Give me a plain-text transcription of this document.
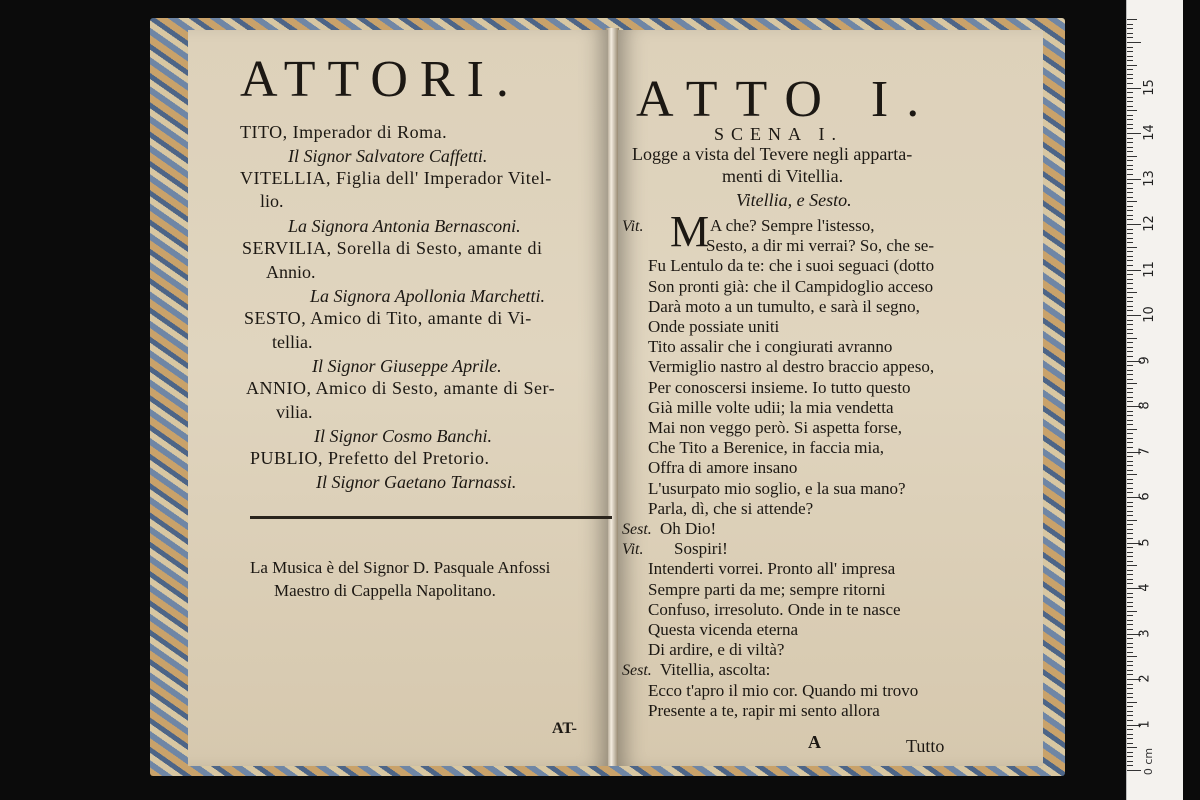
ATTORI.
TITO, Imperador di Roma.
Il Signor Salvatore Caffetti.
VITELLIA, Figlia dell' Imperador Vitel-
lio.
La Signora Antonia Bernasconi.
SERVILIA, Sorella di Sesto, amante di
Annio.
La Signora Apollonia Marchetti.
SESTO, Amico di Tito, amante di Vi-
tellia.
Il Signor Giuseppe Aprile.
ANNIO, Amico di Sesto, amante di Ser-
vilia.
Il Signor Cosmo Banchi.
PUBLIO, Prefetto del Pretorio.
Il Signor Gaetano Tarnassi.
La Musica è del Signor D. Pasquale Anfossi
Maestro di Cappella Napolitano.
AT-
ATTO I.
SCENA I.
Logge a vista del Tevere negli apparta-
menti di Vitellia.
Vitellia, e Sesto.
Vit. M A che? Sempre l'istesso,
Sesto, a dir mi verrai? So, che se-
Fu Lentulo da te: che i suoi seguaci (dotto
Son pronti già: che il Campidoglio acceso
Darà moto a un tumulto, e sarà il segno,
Onde possiate uniti
Tito assalir che i congiurati avranno
Vermiglio nastro al destro braccio appeso,
Per conoscersi insieme. Io tutto questo
Già mille volte udii; la mia vendetta
Mai non veggo però. Si aspetta forse,
Che Tito a Berenice, in faccia mia,
Offra di amore insano
L'usurpato mio soglio, e la sua mano?
Parla, dì, che si attende?
Sest. Oh Dio!
Vit. Sospiri!
Intenderti vorrei. Pronto all' impresa
Sempre parti da me; sempre ritorni
Confuso, irresoluto. Onde in te nasce
Questa vicenda eterna
Di ardire, e di viltà?
Sest. Vitellia, ascolta:
Ecco t'apro il mio cor. Quando mi trovo
Presente a te, rapir mi sento allora
A	Tutto
0 cm
1
2
3
4
5
6
7
8
9
10
11
12
13
14
15
